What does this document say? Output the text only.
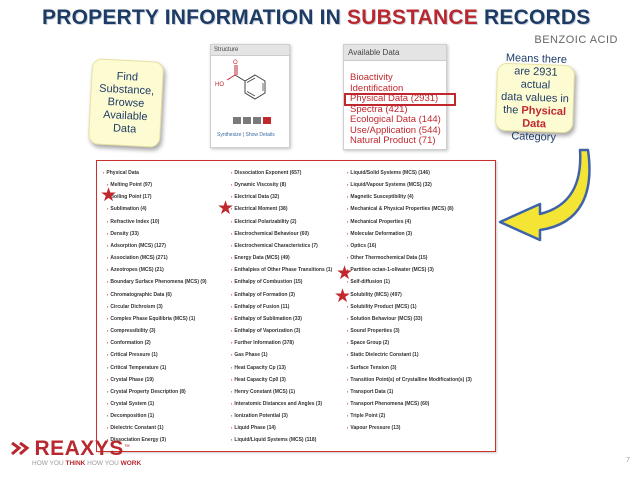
PROPERTY INFORMATION IN SUBSTANCE RECORDS
BENZOIC ACID
Find
Substance,
Browse
Available
Data
Structure
O
HO
Synthesize | Show Details
Available Data
Bioactivity
Identification
Physical Data (2931)
Spectra (421)
Ecological Data (144)
Use/Application (544)
Natural Product (71)
Means there
are 2931 actual
data values in
the Physical
Data Category
▪ Physical Data
▪ Melting Point (97)
▪ Boiling Point (17)
▪ Sublimation (4)
▪ Refractive Index (10)
▪ Density (33)
▪ Adsorption (MCS) (127)
▪ Association (MCS) (271)
▪ Azeotropes (MCS) (21)
▪ Boundary Surface Phenomena (MCS) (9)
▪ Chromatographic Data (6)
▪ Circular Dichroism (3)
▪ Complex Phase Equilibria (MCS) (1)
▪ Compressibility (3)
▪ Conformation (2)
▪ Critical Pressure (1)
▪ Critical Temperature (1)
▪ Crystal Phase (19)
▪ Crystal Property Description (8)
▪ Crystal System (1)
▪ Decomposition (1)
▪ Dielectric Constant (1)
▪ Dissociation Energy (3)
▪ Dissociation Exponent (657)
▪ Dynamic Viscosity (8)
▪ Electrical Data (32)
▪ Electrical Moment (38)
▪ Electrical Polarizability (2)
▪ Electrochemical Behaviour (60)
▪ Electrochemical Characteristics (7)
▪ Energy Data (MCS) (49)
▪ Enthalpies of Other Phase Transitions (1)
▪ Enthalpy of Combustion (15)
▪ Enthalpy of Formation (3)
▪ Enthalpy of Fusion (11)
▪ Enthalpy of Sublimation (33)
▪ Enthalpy of Vaporization (3)
▪ Further Information (378)
▪ Gas Phase (1)
▪ Heat Capacity Cp (13)
▪ Heat Capacity Cp0 (3)
▪ Henry Constant (MCS) (1)
▪ Interatomic Distances and Angles (3)
▪ Ionization Potential (3)
▪ Liquid Phase (14)
▪ Liquid/Liquid Systems (MCS) (118)
▪ Liquid/Solid Systems (MCS) (146)
▪ Liquid/Vapour Systems (MCS) (32)
▪ Magnetic Susceptibility (4)
▪ Mechanical & Physical Properties (MCS) (8)
▪ Mechanical Properties (4)
▪ Molecular Deformation (3)
▪ Optics (16)
▪ Other Thermochemical Data (15)
▪ Partition octan-1-ol/water (MCS) (3)
▪ Self-diffusion (1)
▪ Solubility (MCS) (497)
▪ Solubility Product (MCS) (1)
▪ Solution Behaviour (MCS) (33)
▪ Sound Properties (3)
▪ Space Group (2)
▪ Static Dielectric Constant (1)
▪ Surface Tension (3)
▪ Transition Point(s) of Crystalline Modification(s) (3)
▪ Transport Data (1)
▪ Transport Phenomena (MCS) (60)
▪ Triple Point (2)
▪ Vapour Pressure (13)
★
★
★
★
REAXYS™
HOW YOU THINK HOW YOU WORK	7
